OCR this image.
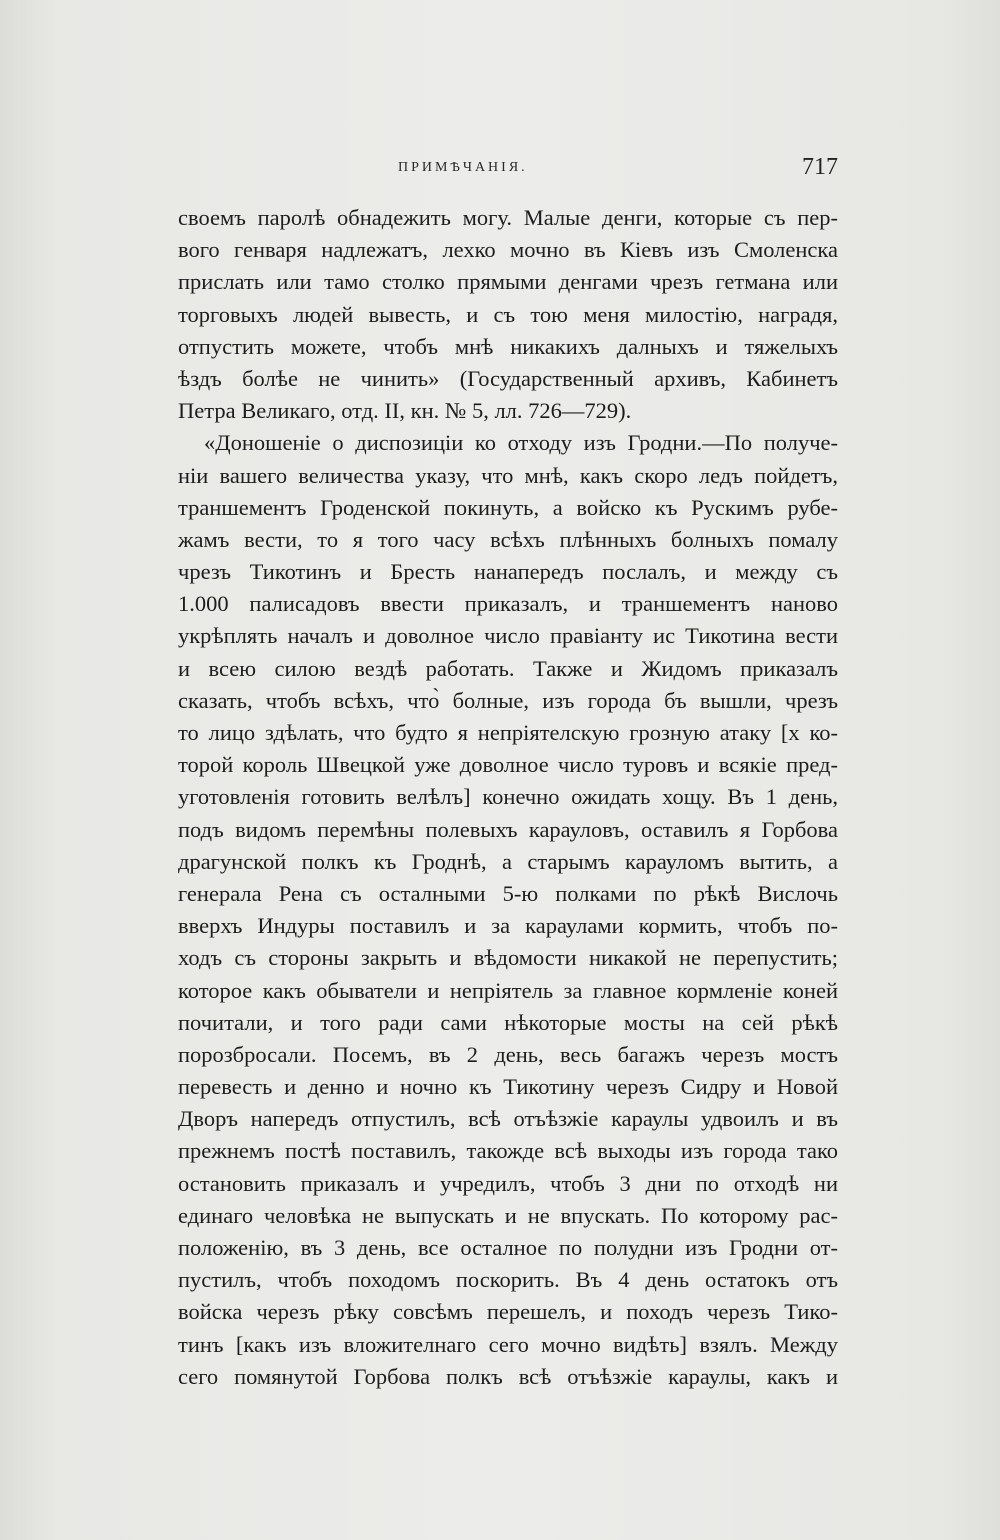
ПРИМѢЧАНІЯ.	717
своемъ паролѣ обнадежить могу. Малые денги, которые съ пер-
вого генваря надлежатъ, лехко мочно въ Кіевъ изъ Смоленска
прислать или тамо столко прямыми денгами чрезъ гетмана или
торговыхъ людей вывесть, и съ тою меня милостію, наградя,
отпустить можете, чтобъ мнѣ никакихъ далныхъ и тяжелыхъ
ѣздъ болѣе не чинить» (Государственный архивъ, Кабинетъ
Петра Великаго, отд. II, кн. № 5, лл. 726—729).
«Доношеніе о диспозиціи ко отходу изъ Гродни.—По получе-
ніи вашего величества указу, что мнѣ, какъ скоро ледъ пойдетъ,
траншементъ Гроденской покинуть, а войско къ Рускимъ рубе-
жамъ вести, то я того часу всѣхъ плѣнныхъ болныхъ помалу
чрезъ Тикотинъ и Бресть нанапередъ послалъ, и между съ
1.000 палисадовъ ввести приказалъ, и траншементъ наново
укрѣплять началъ и доволное число правіанту ис Тикотина вести
и всею силою вездѣ работать. Также и Жидомъ приказалъ
сказать, чтобъ всѣхъ, что̀ болные, изъ города бъ вышли, чрезъ
то лицо здѣлать, что будто я непріятелскую грозную атаку [х ко-
торой король Швецкой уже доволное число туровъ и всякіе пред-
уготовленія готовить велѣлъ] конечно ожидать хощу. Въ 1 день,
подъ видомъ перемѣны полевыхъ карауловъ, оставилъ я Горбова
драгунской полкъ къ Гроднѣ, а старымъ карауломъ вытить, а
генерала Рена съ осталными 5-ю полками по рѣкѣ Вислочь
вверхъ Индуры поставилъ и за караулами кормить, чтобъ по-
ходъ съ стороны закрыть и вѣдомости никакой не перепустить;
которое какъ обыватели и непріятель за главное кормленіе коней
почитали, и того ради сами нѣкоторые мосты на сей рѣкѣ
порозбросали. Посемъ, въ 2 день, весь багажъ черезъ мостъ
перевесть и денно и ночно къ Тикотину черезъ Сидру и Новой
Дворъ напередъ отпустилъ, всѣ отъѣзжіе караулы удвоилъ и въ
прежнемъ постѣ поставилъ, такожде всѣ выходы изъ города тако
остановить приказалъ и учредилъ, чтобъ 3 дни по отходѣ ни
единаго человѣка не выпускать и не впускать. По которому рас-
положенію, въ 3 день, все осталное по полудни изъ Гродни от-
пустилъ, чтобъ походомъ поскорить. Въ 4 день остатокъ отъ
войска черезъ рѣку совсѣмъ перешелъ, и походъ черезъ Тико-
тинъ [какъ изъ вложителнаго сего мочно видѣть] взялъ. Между
сего помянутой Горбова полкъ всѣ отъѣзжіе караулы, какъ и
